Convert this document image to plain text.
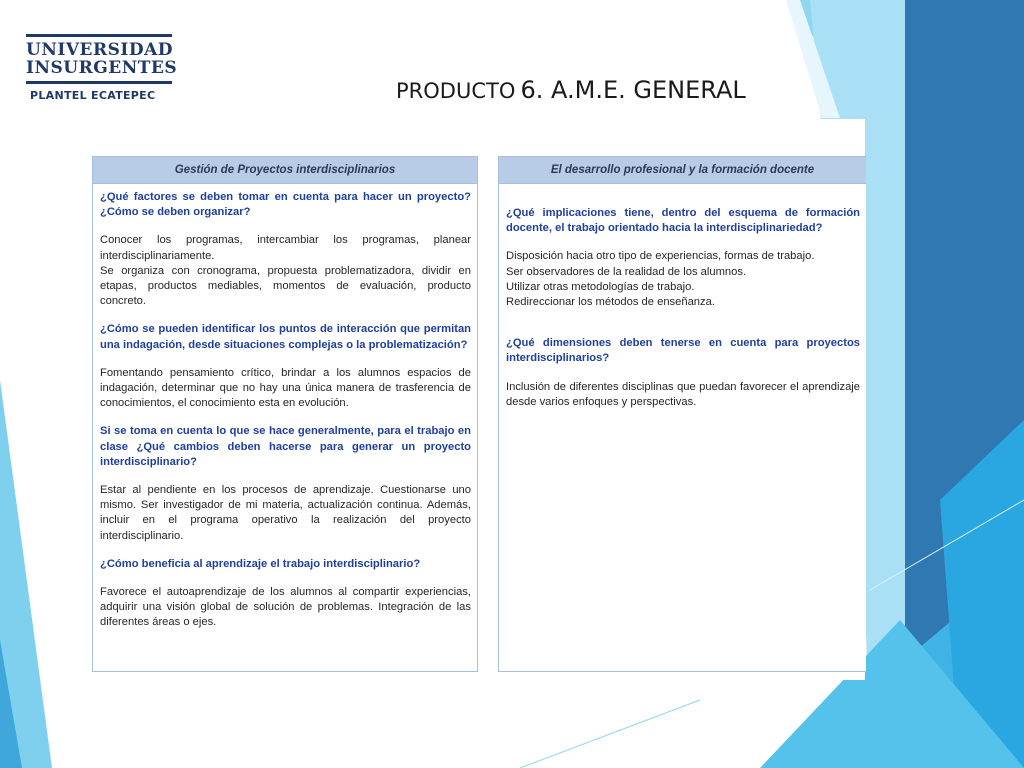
UNIVERSIDAD
INSURGENTES
PLANTEL ECATEPEC	PRODUCTO 6. A.M.E. GENERAL
Gestión de Proyectos interdisciplinarios

¿Qué factores se deben tomar en cuenta para hacer un proyecto? ¿Cómo se deben organizar?

Conocer los programas, intercambiar los programas, planear interdisciplinariamente.

Se organiza con cronograma, propuesta problematizadora, dividir en etapas, productos mediables, momentos de evaluación, producto concreto.

¿Cómo se pueden identificar los puntos de interacción que permitan una indagación, desde situaciones complejas o la problematización?

Fomentando pensamiento crítico, brindar a los alumnos espacios de indagación, determinar que no hay una única manera de trasferencia de conocimientos, el conocimiento esta en evolución.

Si se toma en cuenta lo que se hace generalmente, para el trabajo en clase ¿Qué cambios deben hacerse para generar un proyecto interdisciplinario?

Estar al pendiente en los procesos de aprendizaje. Cuestionarse uno mismo. Ser investigador de mi materia, actualización continua. Además, incluir en el programa operativo la realización del proyecto interdisciplinario.

¿Cómo beneficia al aprendizaje el trabajo interdisciplinario?

Favorece el autoaprendizaje de los alumnos al compartir experiencias, adquirir una visión global de solución de problemas. Integración de las diferentes áreas o ejes.

El desarrollo profesional y la formación docente

¿Qué implicaciones tiene, dentro del esquema de formación docente, el trabajo orientado hacia la interdisciplinariedad?

Disposición hacia otro tipo de experiencias, formas de trabajo.

Ser observadores de la realidad de los alumnos.

Utilizar otras metodologías de trabajo.

Redireccionar los métodos de enseñanza.

¿Qué dimensiones deben tenerse en cuenta para proyectos interdisciplinarios?

Inclusión de diferentes disciplinas que puedan favorecer el aprendizaje desde varios enfoques y perspectivas.
